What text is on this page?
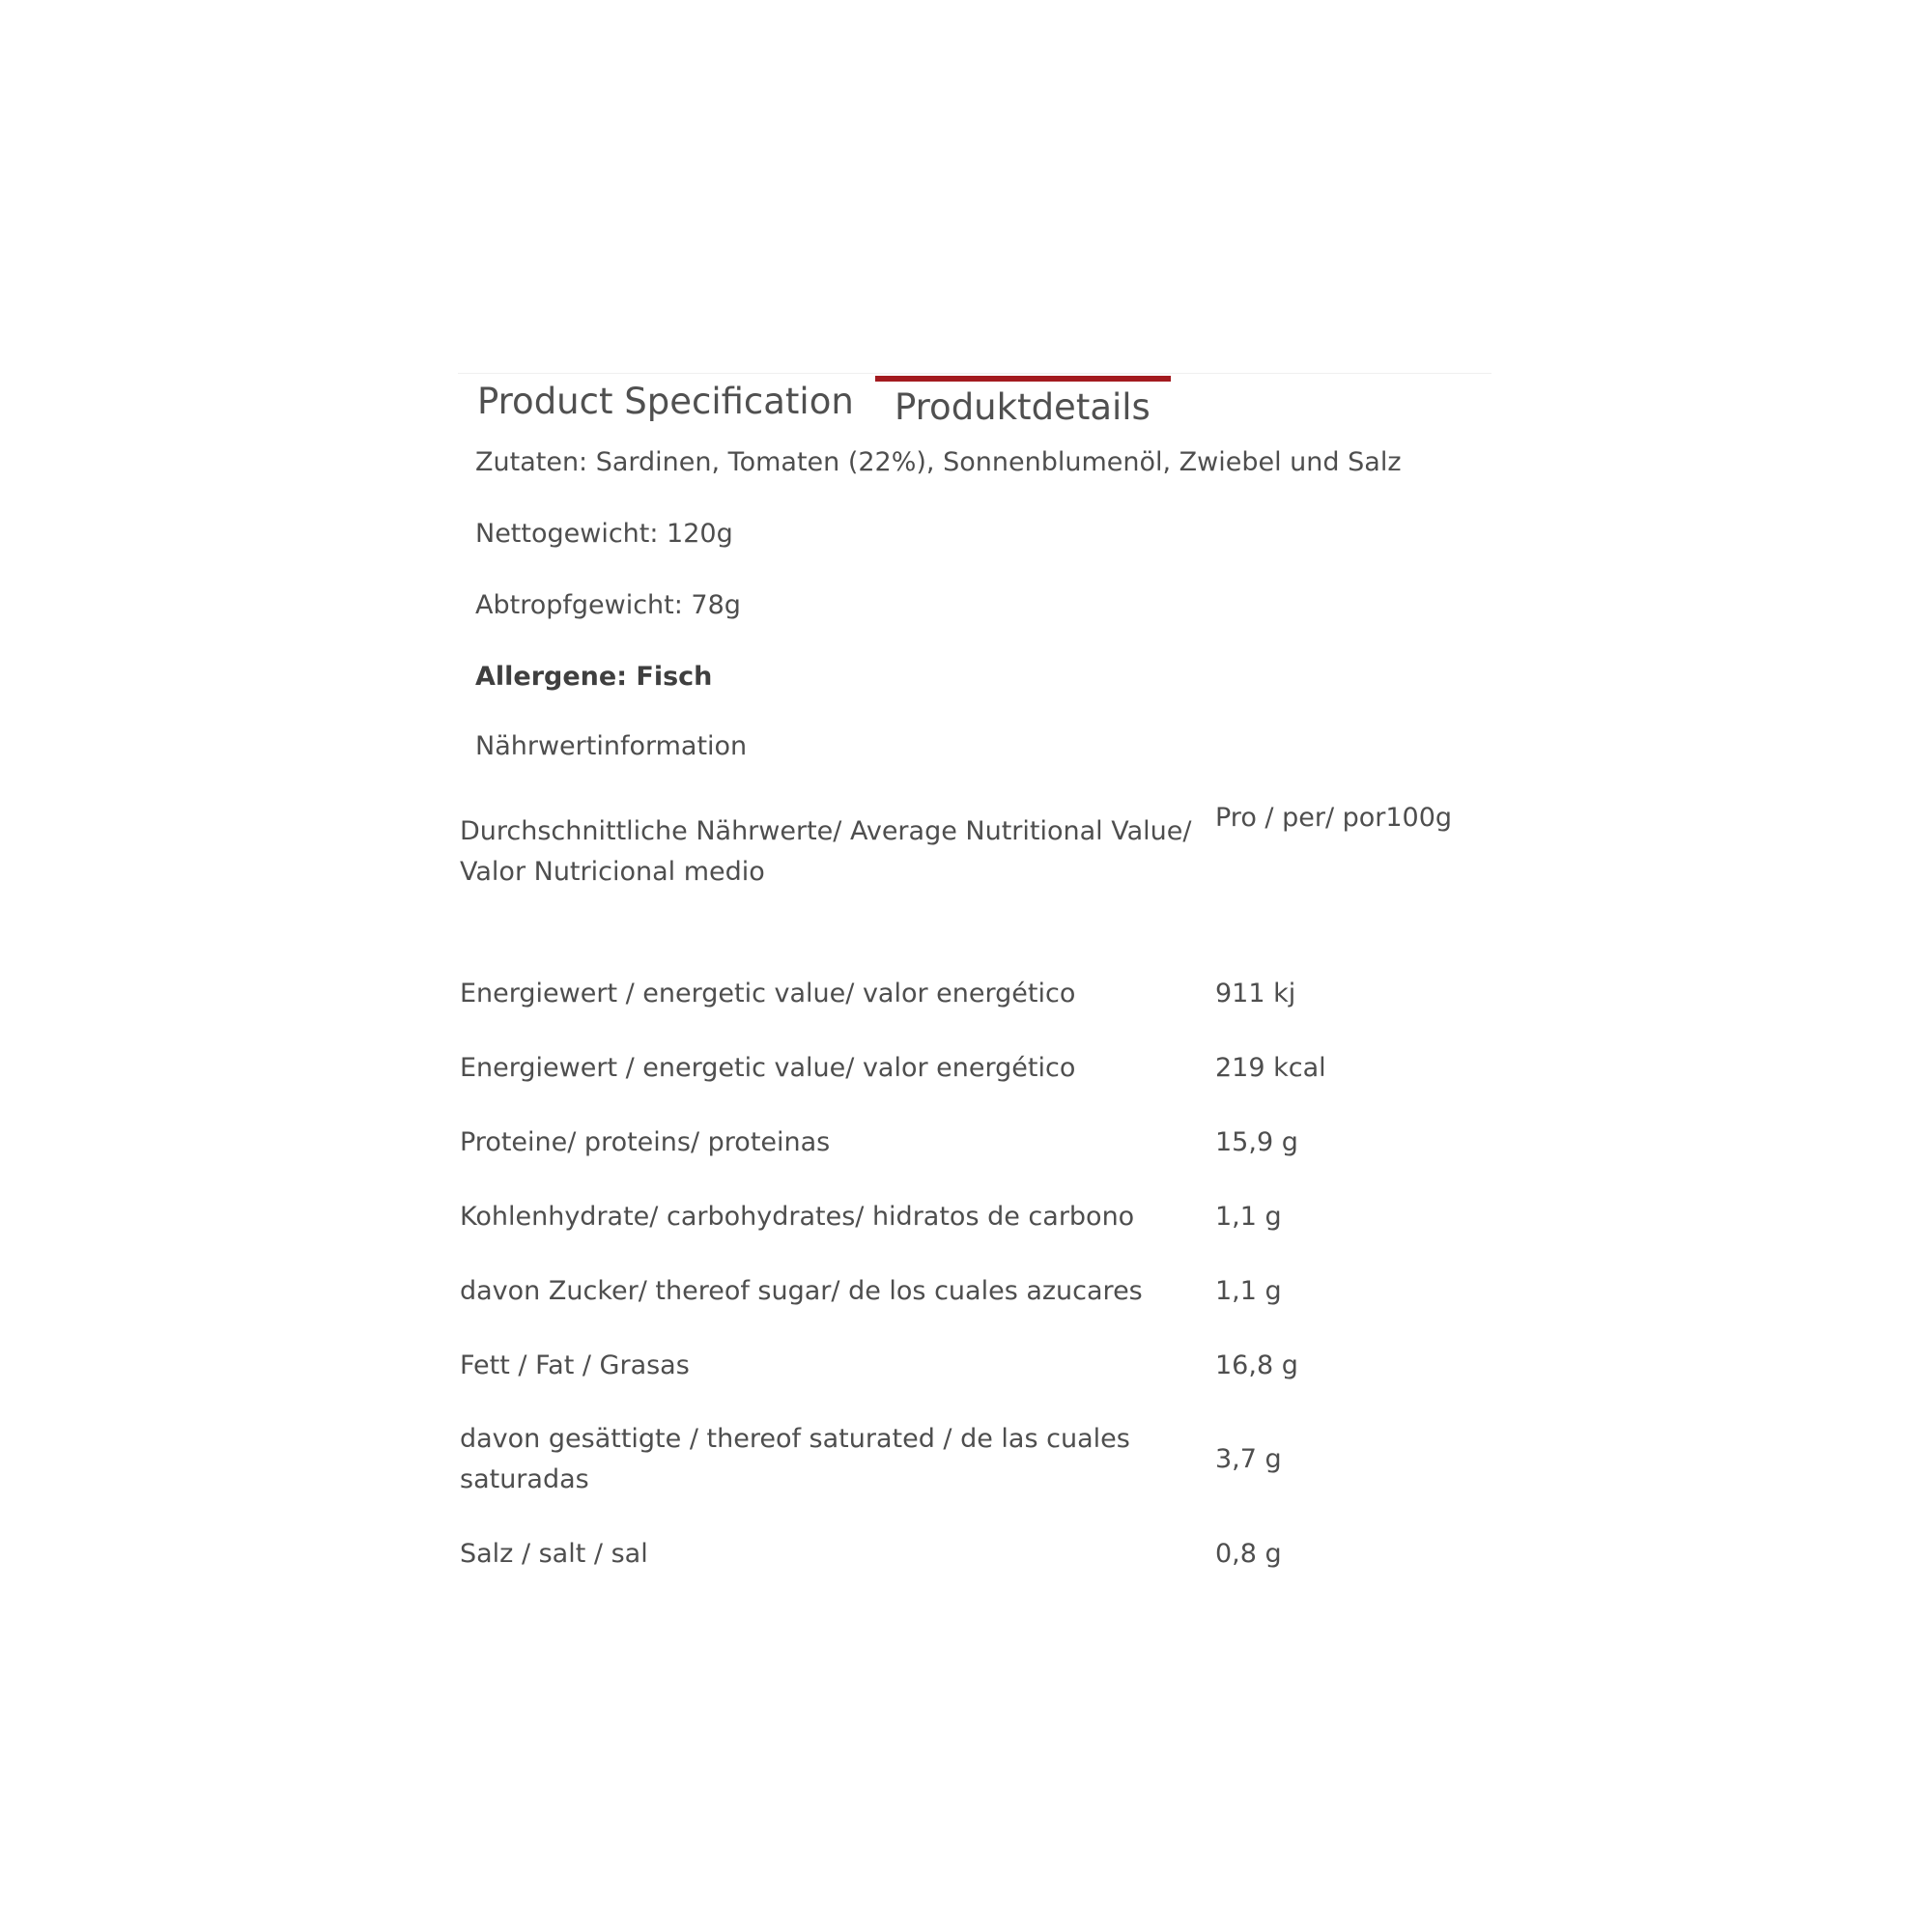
Product Specification	Produktdetails

Zutaten: Sardinen, Tomaten (22%), Sonnenblumenöl, Zwiebel und Salz

Nettogewicht: 120g

Abtropfgewicht: 78g

Allergene: Fisch

Nährwertinformation

Durchschnittliche Nährwerte/ Average Nutritional Value/ Valor Nutricional medio	Pro / per/ por100g
Energiewert / energetic value/ valor energético	911 kj
Energiewert / energetic value/ valor energético	219 kcal
Proteine/ proteins/ proteinas	15,9 g
Kohlenhydrate/ carbohydrates/ hidratos de carbono	1,1 g
davon Zucker/ thereof sugar/ de los cuales azucares	1,1 g
Fett / Fat / Grasas	16,8 g
davon gesättigte / thereof saturated / de las cuales saturadas	3,7 g
Salz / salt / sal	0,8 g
